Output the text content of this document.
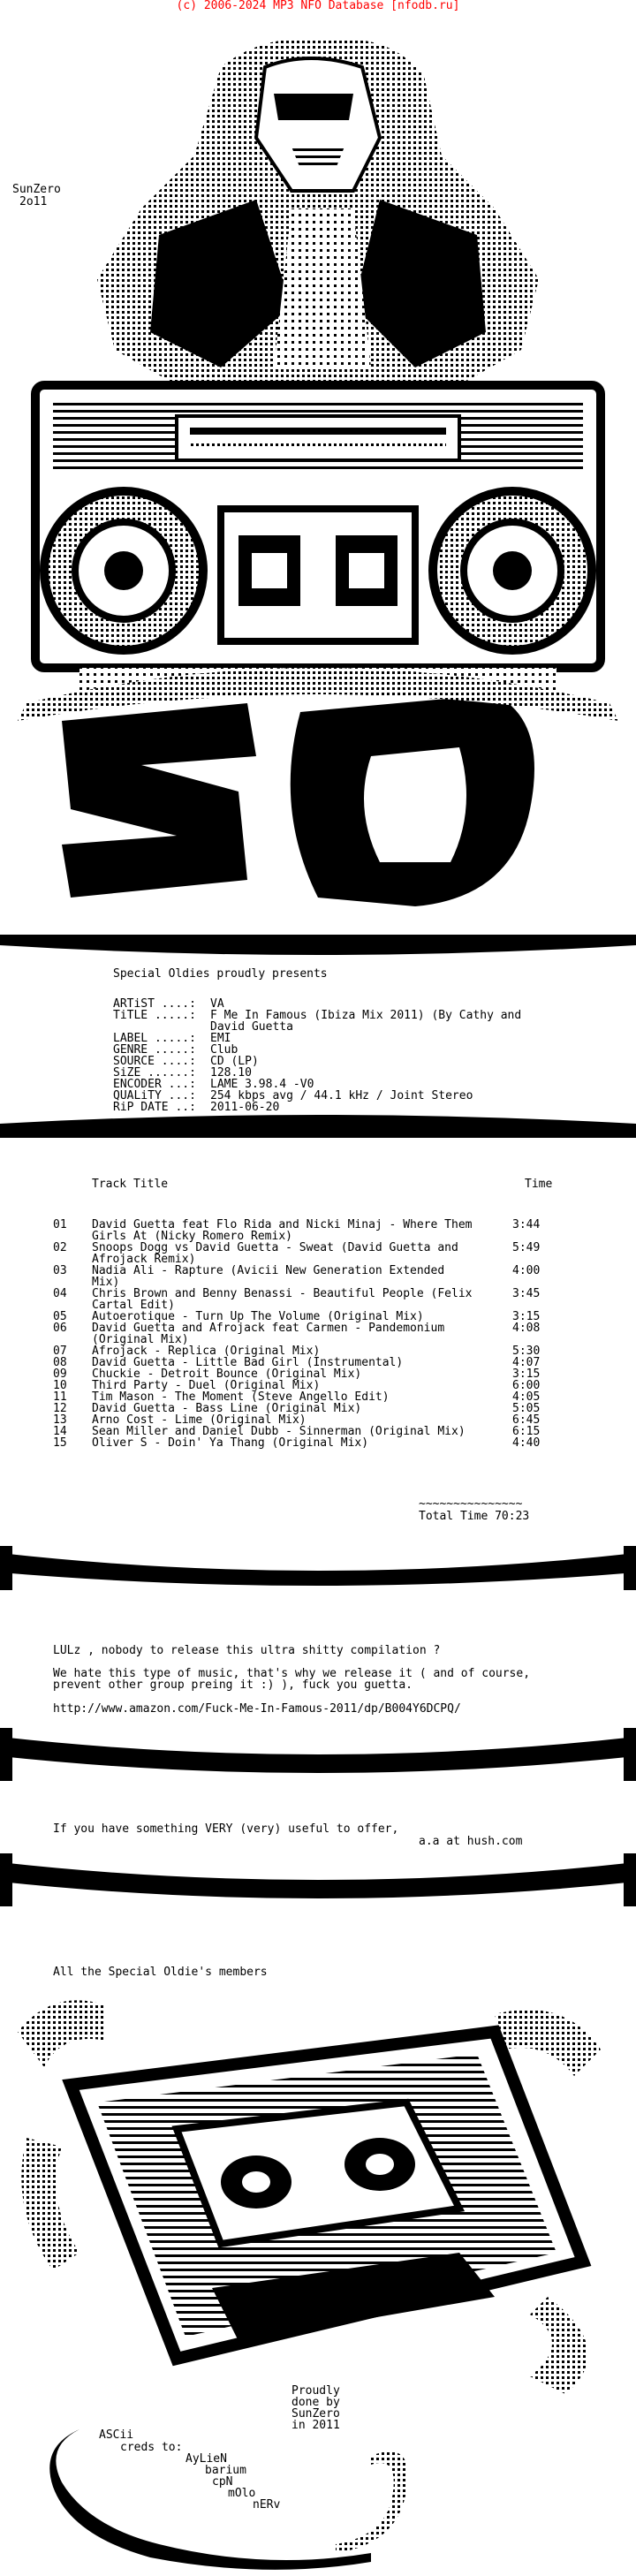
(c) 2006-2024 MP3 NFO Database [nfodb.ru]
SunZero
2o11
Special Oldies proudly presents
ARTiST ....: VA
TiTLE .....: F Me In Famous (Ibiza Mix 2011) (By Cathy and

David Guetta
LABEL .....: EMI
GENRE .....: Club
SOURCE ....: CD (LP)
SiZE ......: 128.10
ENCODER ...: LAME 3.98.4 -V0
QUALiTY ...: 254 kbps avg / 44.1 kHz / Joint Stereo
RiP DATE ..: 2011-06-20
Track Title	Time
01 David Guetta feat Flo Rida and Nicki Minaj - Where Them
Girls At (Nicky Romero Remix)
3:44
02 Snoops Dogg vs David Guetta - Sweat (David Guetta and
Afrojack Remix)
5:49
03 Nadia Ali - Rapture (Avicii New Generation Extended
Mix)
4:00
04 Chris Brown and Benny Benassi - Beautiful People (Felix
Cartal Edit)
3:45
05 Autoerotique - Turn Up The Volume (Original Mix)	3:15
06 David Guetta and Afrojack feat Carmen - Pandemonium
(Original Mix)
4:08
07 Afrojack - Replica (Original Mix)	5:30
08 David Guetta - Little Bad Girl (Instrumental)	4:07
09 Chuckie - Detroit Bounce (Original Mix)	3:15
10 Third Party - Duel (Original Mix)	6:00
11 Tim Mason - The Moment (Steve Angello Edit)	4:05
12 David Guetta - Bass Line (Original Mix)	5:05
13 Arno Cost - Lime (Original Mix)	6:45
14 Sean Miller and Daniel Dubb - Sinnerman (Original Mix)	6:15
15 Oliver S - Doin' Ya Thang (Original Mix)	4:40
~~~~~~~~~~~~~~~
Total Time 70:23
LULz , nobody to release this ultra shitty compilation ?
We hate this type of music, that's why we release it ( and of course,
prevent other group preing it :) ), fuck you guetta.
http://www.amazon.com/Fuck-Me-In-Famous-2011/dp/B004Y6DCPQ/
If you have something VERY (very) useful to offer,
a.a at hush.com
All the Special Oldie's members
Proudly
done by
SunZero
in 2011
ASCii
creds to:
AyLieN
barium
cpN
mOlo
nERv
